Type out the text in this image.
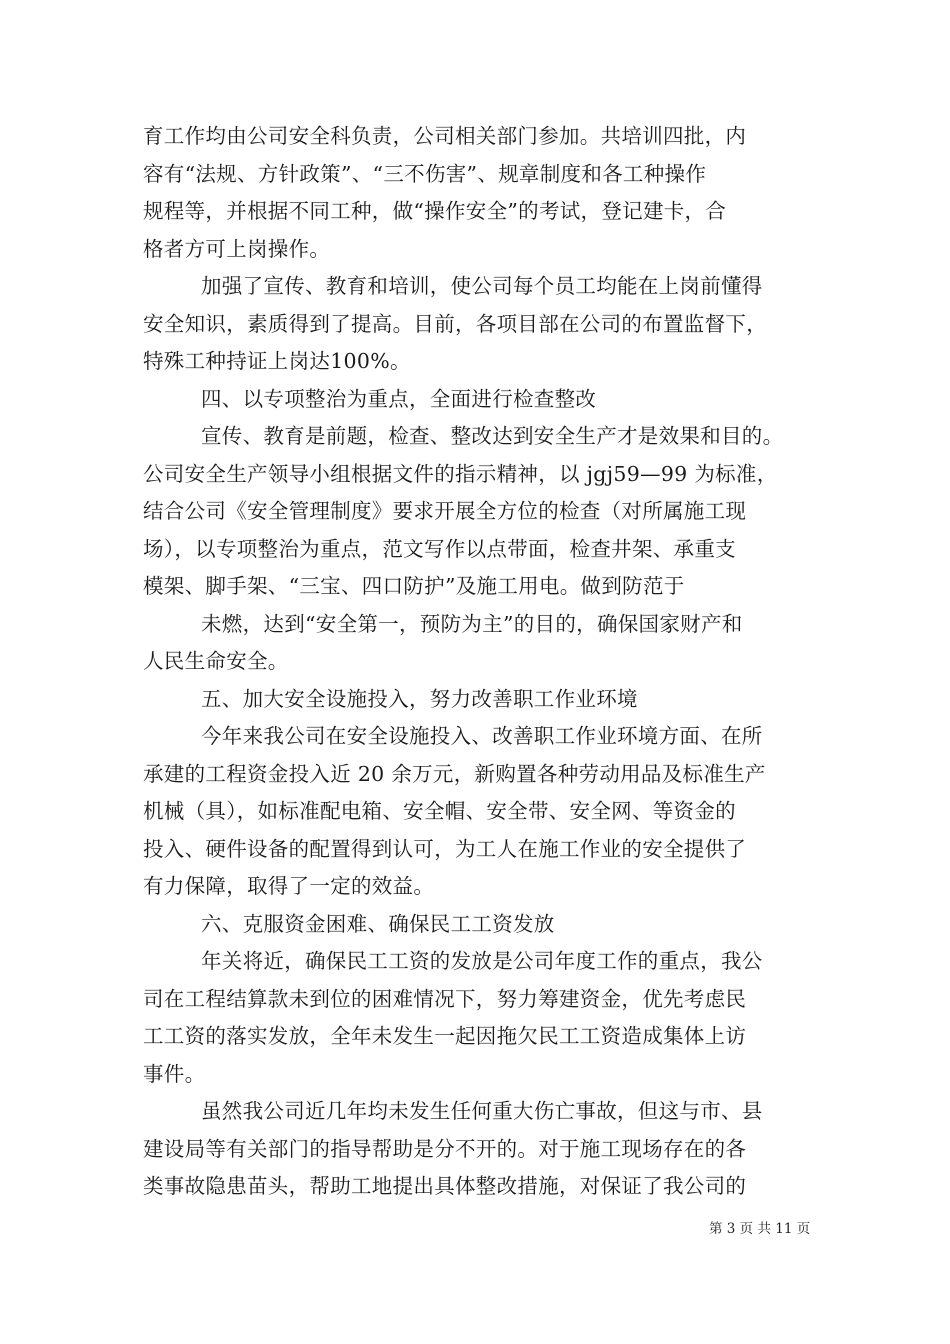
育工作均由公司安全科负责，公司相关部门参加。共培训四批，内
容有“法规、方针政策”、“三不伤害”、规章制度和各工种操作
规程等，并根据不同工种，做“操作安全”的考试，登记建卡，合
格者方可上岗操作。
加强了宣传、教育和培训，使公司每个员工均能在上岗前懂得
安全知识，素质得到了提高。目前，各项目部在公司的布置监督下，
特殊工种持证上岗达100%。
四、以专项整治为重点，全面进行检查整改
宣传、教育是前题，检查、整改达到安全生产才是效果和目的。
公司安全生产领导小组根据文件的指示精神，以 jgj59—99 为标准，
结合公司《安全管理制度》要求开展全方位的检查（对所属施工现
场），以专项整治为重点，范文写作以点带面，检查井架、承重支
模架、脚手架、“三宝、四口防护”及施工用电。做到防范于
未燃，达到“安全第一，预防为主”的目的，确保国家财产和
人民生命安全。
五、加大安全设施投入，努力改善职工作业环境
今年来我公司在安全设施投入、改善职工作业环境方面、在所
承建的工程资金投入近 20 余万元，新购置各种劳动用品及标准生产
机械（具），如标准配电箱、安全帽、安全带、安全网、等资金的
投入、硬件设备的配置得到认可，为工人在施工作业的安全提供了
有力保障，取得了一定的效益。
六、克服资金困难、确保民工工资发放
年关将近，确保民工工资的发放是公司年度工作的重点，我公
司在工程结算款未到位的困难情况下，努力筹建资金，优先考虑民
工工资的落实发放，全年未发生一起因拖欠民工工资造成集体上访
事件。
虽然我公司近几年均未发生任何重大伤亡事故，但这与市、县
建设局等有关部门的指导帮助是分不开的。对于施工现场存在的各
类事故隐患苗头，帮助工地提出具体整改措施，对保证了我公司的
第 3 页 共 11 页
